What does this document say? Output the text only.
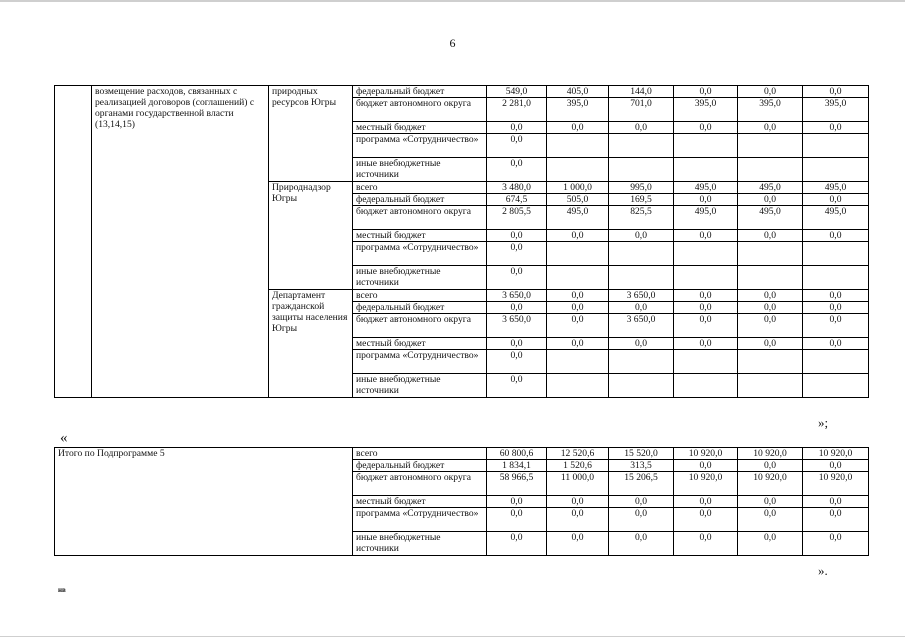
6
	возмещение расходов, связанных с реализацией договоров (соглашений) с органами государственной власти (13,14,15)	природных ресурсов Югры	федеральный бюджет	549,0	405,0	144,0	0,0	0,0	0,0
			бюджет автономного округа	2 281,0	395,0	701,0	395,0	395,0	395,0
			местный бюджет	0,0	0,0	0,0	0,0	0,0	0,0
			программа «Сотрудничество»	0,0					
			иные внебюджетные источники	0,0					
		Природнадзор Югры	всего	3 480,0	1 000,0	995,0	495,0	495,0	495,0
			федеральный бюджет	674,5	505,0	169,5	0,0	0,0	0,0
			бюджет автономного округа	2 805,5	495,0	825,5	495,0	495,0	495,0
			местный бюджет	0,0	0,0	0,0	0,0	0,0	0,0
			программа «Сотрудничество»	0,0					
			иные внебюджетные источники	0,0					
		Департамент гражданской защиты населения Югры	всего	3 650,0	0,0	3 650,0	0,0	0,0	0,0
			федеральный бюджет	0,0	0,0	0,0	0,0	0,0	0,0
			бюджет автономного округа	3 650,0	0,0	3 650,0	0,0	0,0	0,0
			местный бюджет	0,0	0,0	0,0	0,0	0,0	0,0
			программа «Сотрудничество»	0,0					
			иные внебюджетные источники	0,0					
»;
«
Итого по Подпрограмме 5	всего	60 800,6	12 520,6	15 520,0	10 920,0	10 920,0	10 920,0
	федеральный бюджет	1 834,1	1 520,6	313,5	0,0	0,0	0,0
	бюджет автономного округа	58 966,5	11 000,0	15 206,5	10 920,0	10 920,0	10 920,0
	местный бюджет	0,0	0,0	0,0	0,0	0,0	0,0
	программа «Сотрудничество»	0,0	0,0	0,0	0,0	0,0	0,0
	иные внебюджетные источники	0,0	0,0	0,0	0,0	0,0	0,0
».
нв
